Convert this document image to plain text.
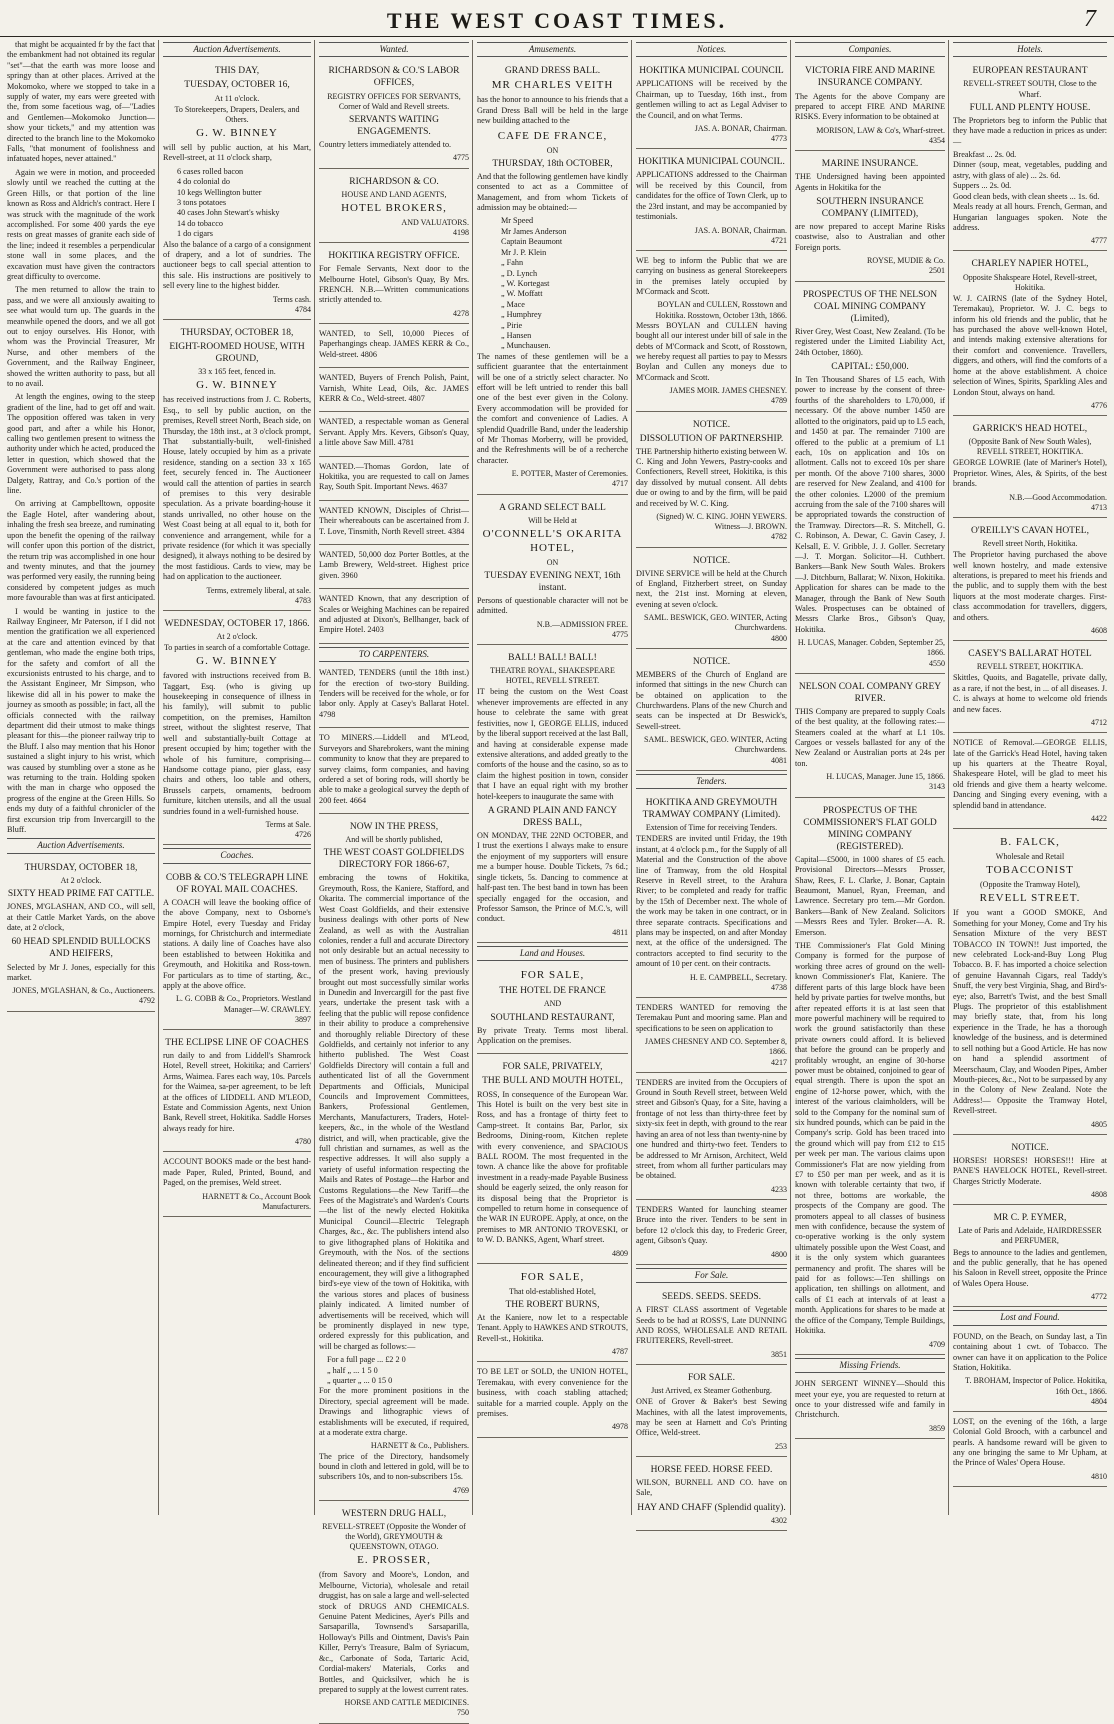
THE WEST COAST TIMES.	7

that might be acquainted fr by the fact that the embankment had not obtained its regular "set"—that the earth was more loose and springy than at other places. Arrived at the Mokomoko, where we stopped to take in a supply of water, my ears were greeted with the, from some facetious wag, of—"Ladies and Gentlemen—Mokomoko Junction—show your tickets," and my attention was directed to the branch line to the Mokomoko Falls, "that monument of foolishness and infatuated hopes, never attained."

Again we were in motion, and proceeded slowly until we reached the cutting at the Green Hills, or that portion of the line known as Ross and Aldrich's contract. Here I was struck with the magnitude of the work accomplished. For some 400 yards the eye rests on great masses of granite each side of the line; indeed it resembles a perpendicular stone wall in some places, and the excavation must have given the contractors great difficulty to overcome.

The men returned to allow the train to pass, and we were all anxiously awaiting to see what would turn up. The guards in the meanwhile opened the doors, and we all got out to enjoy ourselves. His Honor, with whom was the Provincial Treasurer, Mr Nurse, and other members of the Government, and the Railway Engineer, showed the written authority to pass, but all to no avail.

At length the engines, owing to the steep gradient of the line, had to get off and wait. The opposition offered was taken in very good part, and after a while his Honor, calling two gentlemen present to witness the authority under which he acted, produced the letter in question, which showed that the Government were authorised to pass along Dalgety, Rattray, and Co.'s portion of the line.

On arriving at Campbelltown, opposite the Eagle Hotel, after wandering about, inhaling the fresh sea breeze, and ruminating upon the benefit the opening of the railway will confer upon this portion of the district, the return trip was accomplished in one hour and twenty minutes, and that the journey was performed very easily, the running being considered by competent judges as much more favourable than was at first anticipated.

I would be wanting in justice to the Railway Engineer, Mr Paterson, if I did not mention the gratification we all experienced at the care and attention evinced by that gentleman, who made the engine both trips, for the safety and comfort of all the excursionists entrusted to his charge, and to the Assistant Engineer, Mr Simpson, who likewise did all in his power to make the journey as smooth as possible; in fact, all the officials connected with the railway department did their utmost to make things pleasant for this—the pioneer railway trip to the Bluff. I also may mention that his Honor sustained a slight injury to his wrist, which was caused by stumbling over a stone as he was returning to the train. Holding spoken with the man in charge who opposed the progress of the engine at the Green Hills. So ends my duty of a faithful chronicler of the first excursion trip from Invercargill to the Bluff.

Auction Advertisements.
THURSDAY, OCTOBER 18,
At 2 o'clock.
SIXTY HEAD PRIME FAT CATTLE.

JONES, M'GLASHAN, AND CO., will sell, at their Cattle Market Yards, on the above date, at 2 o'clock,

60 HEAD SPLENDID BULLOCKS AND HEIFERS,

Selected by Mr J. Jones, especially for this market.

JONES, M'GLASHAN, & Co., Auctioneers.
4792
Auction Advertisements.
THIS DAY,
TUESDAY, OCTOBER 16,
At 11 o'clock.
To Storekeepers, Drapers, Dealers, and Others.
G. W. BINNEY

will sell by public auction, at his Mart, Revell-street, at 11 o'clock sharp,

6 cases rolled bacon
4 do colonial do
10 kegs Wellington butter
3 tons potatoes
40 cases John Stewart's whisky
14 do tobacco
1 do cigars

Also the balance of a cargo of a consignment of drapery, and a lot of sundries. The auctioneer begs to call special attention to this sale. His instructions are positively to sell every line to the highest bidder.

Terms cash.
4784
THURSDAY, OCTOBER 18,
EIGHT-ROOMED HOUSE, WITH GROUND,
33 x 165 feet, fenced in.
G. W. BINNEY

has received instructions from J. C. Roberts, Esq., to sell by public auction, on the premises, Revell street North, Beach side, on Thursday, the 18th inst., at 3 o'clock prompt, That substantially-built, well-finished House, lately occupied by him as a private residence, standing on a section 33 x 165 feet, securely fenced in. The Auctioneer would call the attention of parties in search of premises to this very desirable speculation. As a private boarding-house it stands unrivalled, no other house on the West Coast being at all equal to it, both for convenience and arrangement, while for a private residence (for which it was specially designed), it always nothing to be desired by the most fastidious. Cards to view, may be had on application to the auctioneer.

Terms, extremely liberal, at sale.
4783
WEDNESDAY, OCTOBER 17, 1866.
At 2 o'clock.
To parties in search of a comfortable Cottage.
G. W. BINNEY

favored with instructions received from B. Taggart, Esq. (who is giving up housekeeping in consequence of illness in his family), will submit to public competition, on the premises, Hamilton street, without the slightest reserve, That well and substantially-built Cottage at present occupied by him; together with the whole of his furniture, comprising— Handsome cottage piano, pier glass, easy chairs and others, loo table and others, Brussels carpets, ornaments, bedroom furniture, kitchen utensils, and all the usual sundries found in a well-furnished house.

Terms at Sale.
4726
Coaches.
COBB & CO.'S TELEGRAPH LINE OF ROYAL MAIL COACHES.

A COACH will leave the booking office of the above Company, next to Osborne's Empire Hotel, every Tuesday and Friday mornings, for Christchurch and intermediate stations. A daily line of Coaches have also been established to between Hokitika and Greymouth, and Hokitika and Ross-town. For particulars as to time of starting, &c., apply at the above office.

L. G. COBB & Co., Proprietors. Westland Manager—W. CRAWLEY.
3897
THE ECLIPSE LINE OF COACHES

run daily to and from Liddell's Shamrock Hotel, Revell street, Hokitika; and Carriers' Arms, Waimea. Fares each way, 10s. Parcels for the Waimea, sa-per agreement, to be left at the offices of LIDDELL AND M'LEOD, Estate and Commission Agents, next Union Bank, Revell street, Hokitika. Saddle Horses always ready for hire.

4780

ACCOUNT BOOKS made or the best hand-made Paper, Ruled, Printed, Bound, and Paged, on the premises, Weld street.

HARNETT & Co., Account Book Manufacturers.
Wanted.
RICHARDSON & CO.'S LABOR OFFICES,
REGISTRY OFFICES FOR SERVANTS, Corner of Wald and Revell streets.
SERVANTS WAITING ENGAGEMENTS.

Country letters immediately attended to.

4775
RICHARDSON & CO.
HOUSE AND LAND AGENTS,
HOTEL BROKERS,
AND VALUATORS.
4198
HOKITIKA REGISTRY OFFICE.

For Female Servants, Next door to the Melbourne Hotel, Gibson's Quay, By Mrs. FRENCH. N.B.—Written communications strictly attended to.

4278

WANTED, to Sell, 10,000 Pieces of Paperhangings cheap. JAMES KERR & Co., Weld-street. 4806

WANTED, Buyers of French Polish, Paint, Varnish, White Lead, Oils, &c. JAMES KERR & Co., Weld-street. 4807

WANTED, a respectable woman as General Servant. Apply Mrs. Kevers, Gibson's Quay, a little above Saw Mill. 4781

WANTED.—Thomas Gordon, late of Hokitika, you are requested to call on James Ray, South Spit. Important News. 4637

WANTED KNOWN, Disciples of Christ—Their whereabouts can be ascertained from J. T. Love, Tinsmith, North Revell street. 4384

WANTED, 50,000 doz Porter Bottles, at the Lamb Brewery, Weld-street. Highest price given. 3960

WANTED Known, that any description of Scales or Weighing Machines can be repaired and adjusted at Dixon's, Bellhanger, back of Empire Hotel. 2403

TO CARPENTERS.

WANTED, TENDERS (until the 18th inst.) for the erection of two-story Building. Tenders will be received for the whole, or for labor only. Apply at Casey's Ballarat Hotel. 4798

TO MINERS.—Liddell and M'Leod, Surveyors and Sharebrokers, want the mining community to know that they are prepared to survey claims, form companies, and having ordered a set of boring rods, will shortly be able to make a geological survey the depth of 200 feet. 4664

NOW IN THE PRESS,
And will be shortly published,
THE WEST COAST GOLDFIELDS DIRECTORY FOR 1866-67,

embracing the towns of Hokitika, Greymouth, Ross, the Kaniere, Stafford, and Okarita. The commercial importance of the West Coast Goldfields, and their extensive business dealings with other ports of New Zealand, as well as with the Australian colonies, render a full and accurate Directory not only desirable but an actual necessity to men of business. The printers and publishers of the present work, having previously brought out most successfully similar works in Dunedin and Invercargill for the past five years, undertake the present task with a feeling that the public will repose confidence in their ability to produce a comprehensive and thoroughly reliable Directory of these Goldfields, and certainly not inferior to any hitherto published. The West Coast Goldfields Directory will contain a full and authenticated list of all the Government Departments and Officials, Municipal Councils and Improvement Committees, Bankers, Professional Gentlemen, Merchants, Manufacturers, Traders, Hotel-keepers, &c., in the whole of the Westland district, and will, when practicable, give the full christian and surnames, as well as the respective addresses. It will also supply a variety of useful information respecting the Mails and Rates of Postage—the Harbor and Customs Regulations—the New Tariff—the Fees of the Magistrate's and Warden's Courts—the list of the newly elected Hokitika Municipal Council—Electric Telegraph Charges, &c., &c. The publishers intend also to give lithographed plans of Hokitika and Greymouth, with the Nos. of the sections delineated thereon; and if they find sufficient encouragement, they will give a lithographed bird's-eye view of the town of Hokitika, with the various stores and places of business plainly indicated. A limited number of advertisements will be received, which will be prominently displayed in new type, ordered expressly for this publication, and will be charged as follows:—

For a full page ... £2 2 0
„ half „ ... 1 5 0
„ quarter „ ... 0 15 0

For the more prominent positions in the Directory, special agreement will be made. Drawings and lithographic views of establishments will be executed, if required, at a moderate extra charge.

HARNETT & Co., Publishers.

The price of the Directory, handsomely bound in cloth and lettered in gold, will be to subscribers 10s, and to non-subscribers 15s.

4769
WESTERN DRUG HALL,
REVELL-STREET (Opposite the Wonder of the World), GREYMOUTH & QUEENSTOWN, OTAGO.
E. PROSSER,

(from Savory and Moore's, London, and Melbourne, Victoria), wholesale and retail druggist, has on sale a large and well-selected stock of DRUGS AND CHEMICALS. Genuine Patent Medicines, Ayer's Pills and Sarsaparilla, Townsend's Sarsaparilla, Holloway's Pills and Ointment, Davis's Pain Killer, Perry's Treasure, Balm of Syriacum, &c., Carbonate of Soda, Tartaric Acid, Cordial-makers' Materials, Corks and Bottles, and Quicksilver, which he is prepared to supply at the lowest current rates.

HORSE AND CATTLE MEDICINES.
750
Amusements.
GRAND DRESS BALL.
MR CHARLES VEITH

has the honor to announce to his friends that a Grand Dress Ball will be held in the large new building attached to the

CAFE DE FRANCE,
ON
THURSDAY, 18th OCTOBER,

And that the following gentlemen have kindly consented to act as a Committee of Management, and from whom Tickets of admission may be obtained:—

Mr Speed
Mr James Anderson
Captain Beaumont
Mr J. P. Klein
„ Fahn
„ D. Lynch
„ W. Kortegast
„ W. Moffatt
„ Mace
„ Humphrey
„ Pirie
„ Hansen
„ Munchausen.

The names of these gentlemen will be a sufficient guarantee that the entertainment will be one of a strictly select character. No effort will be left untried to render this ball one of the best ever given in the Colony. Every accommodation will be provided for the comfort and convenience of Ladies. A splendid Quadrille Band, under the leadership of Mr Thomas Morberry, will be provided, and the Refreshments will be of a recherche character.

E. POTTER, Master of Ceremonies.
4717
A GRAND SELECT BALL
Will be Held at
O'CONNELL'S OKARITA HOTEL,
ON
TUESDAY EVENING NEXT, 16th instant.

Persons of questionable character will not be admitted.

N.B.—ADMISSION FREE.
4775
BALL! BALL! BALL!
THEATRE ROYAL, SHAKESPEARE HOTEL, REVELL STREET.

IT being the custom on the West Coast whenever improvements are effected in any house to celebrate the same with great festivities, now I, GEORGE ELLIS, induced by the liberal support received at the last Ball, and having at considerable expense made extensive alterations, and added greatly to the comforts of the house and the casino, so as to claim the highest position in town, consider that I have an equal right with my brother hotel-keepers to inaugurate the same with

A GRAND PLAIN AND FANCY DRESS BALL,

ON MONDAY, THE 22ND OCTOBER, and I trust the exertions I always make to ensure the enjoyment of my supporters will ensure me a bumper house. Double Tickets, 7s 6d.; single tickets, 5s. Dancing to commence at half-past ten. The best band in town has been specially engaged for the occasion, and Professor Samson, the Prince of M.C.'s, will conduct.

4811
Land and Houses.
FOR SALE,
THE HOTEL DE FRANCE
AND
SOUTHLAND RESTAURANT,

By private Treaty. Terms most liberal. Application on the premises.

FOR SALE, PRIVATELY,
THE BULL AND MOUTH HOTEL,

ROSS, In consequence of the European War. This Hotel is built on the very best site in Ross, and has a frontage of thirty feet to Camp-street. It contains Bar, Parlor, six Bedrooms, Dining-room, Kitchen replete with every convenience, and SPACIOUS BALL ROOM. The most frequented in the town. A chance like the above for profitable investment in a ready-made Payable Business should be eagerly seized, the only reason for its disposal being that the Proprietor is compelled to return home in consequence of the WAR IN EUROPE. Apply, at once, on the premises to MR ANTONIO TROVESKI, or to W. D. BANKS, Agent, Wharf street.

4809
FOR SALE,
That old-established Hotel,
THE ROBERT BURNS,

At the Kaniere, now let to a respectable Tenant. Apply to HAWKES AND STROUTS, Revell-st., Hokitika.

4787

TO BE LET or SOLD, the UNION HOTEL, Teremakau, with every convenience for the business, with coach stabling attached; suitable for a married couple. Apply on the premises.

4978
Notices.
HOKITIKA MUNICIPAL COUNCIL

APPLICATIONS will be received by the Chairman, up to Tuesday, 16th inst., from gentlemen willing to act as Legal Adviser to the Council, and on what Terms.

JAS. A. BONAR, Chairman.
4773
HOKITIKA MUNICIPAL COUNCIL.

APPLICATIONS addressed to the Chairman will be received by this Council, from candidates for the office of Town Clerk, up to the 23rd instant, and may be accompanied by testimonials.

JAS. A. BONAR, Chairman.
4721

WE beg to inform the Public that we are carrying on business as general Storekeepers in the premises lately occupied by M'Cormack and Scott.

BOYLAN and CULLEN, Rosstown and Hokitika. Rosstown, October 13th, 1866.

Messrs BOYLAN and CULLEN having bought all our interest under bill of sale in the debts of M'Cormack and Scott, of Rosstown, we hereby request all parties to pay to Messrs Boylan and Cullen any moneys due to M'Cormack and Scott.

JAMES MOIR. JAMES CHESNEY.
4789
NOTICE.
DISSOLUTION OF PARTNERSHIP.

THE Partnership hitherto existing between W. C. King and John Yewers, Pastry-cooks and Confectioners, Revell street, Hokitika, is this day dissolved by mutual consent. All debts due or owing to and by the firm, will be paid and received by W. C. King.

(Signed) W. C. KING. JOHN YEWERS. Witness—J. BROWN.
4782
NOTICE.

DIVINE SERVICE will be held at the Church of England, Fitzherbert street, on Sunday next, the 21st inst. Morning at eleven, evening at seven o'clock.

SAML. BESWICK, GEO. WINTER, Acting Churchwardens.
4800
NOTICE.

MEMBERS of the Church of England are informed that sittings in the new Church can be obtained on application to the Churchwardens. Plans of the new Church and seats can be inspected at Dr Beswick's, Sewell-street.

SAML. BESWICK, GEO. WINTER, Acting Churchwardens.
4081
Tenders.
HOKITIKA AND GREYMOUTH TRAMWAY COMPANY (Limited).
Extension of Time for receiving Tenders.

TENDERS are invited until Friday, the 19th instant, at 4 o'clock p.m., for the Supply of all Material and the Construction of the above line of Tramway, from the old Hospital Reserve in Revell street, to the Arahura River; to be completed and ready for traffic by the 15th of December next. The whole of the work may be taken in one contract, or in three separate contracts. Specifications and plans may be inspected, on and after Monday next, at the office of the undersigned. The contractors accepted to find security to the amount of 10 per cent. on their contracts.

H. E. CAMPBELL, Secretary.
4738

TENDERS WANTED for removing the Teremakau Punt and mooring same. Plan and specifications to be seen on application to

JAMES CHESNEY AND CO. September 8, 1866.
4217

TENDERS are invited from the Occupiers of Ground in South Revell street, between Weld street and Gibson's Quay, for a Site, having a frontage of not less than thirty-three feet by sixty-six feet in depth, with ground to the rear having an area of not less than twenty-nine by one hundred and thirty-two feet. Tenders to be addressed to Mr Arnison, Architect, Weld street, from whom all further particulars may be obtained.

4233

TENDERS Wanted for launching steamer Bruce into the river. Tenders to be sent in before 12 o'clock this day, to Frederic Greer, agent, Gibson's Quay.

4800
For Sale.
SEEDS. SEEDS. SEEDS.

A FIRST CLASS assortment of Vegetable Seeds to be had at ROSS'S, Late DUNNING AND ROSS, WHOLESALE AND RETAIL FRUITERERS, Revell-street.

3851
FOR SALE.
Just Arrived, ex Steamer Gothenburg.

ONE of Grover & Baker's best Sewing Machines, with all the latest improvements, may be seen at Harnett and Co's Printing Office, Weld-street.

253
HORSE FEED. HORSE FEED.

WILSON, BURNELL AND CO. have on Sale,

HAY AND CHAFF (Splendid quality).
4302
Companies.
VICTORIA FIRE AND MARINE INSURANCE COMPANY.

The Agents for the above Company are prepared to accept FIRE AND MARINE RISKS. Every information to be obtained at

MORISON, LAW & Co's, Wharf-street.
4354
MARINE INSURANCE.

THE Undersigned having been appointed Agents in Hokitika for the

SOUTHERN INSURANCE COMPANY (LIMITED),

are now prepared to accept Marine Risks coastwise, also to Australian and other Foreign ports.

ROYSE, MUDIE & Co.
2501
PROSPECTUS OF THE NELSON COAL MINING COMPANY (Limited),

River Grey, West Coast, New Zealand. (To be registered under the Limited Liability Act, 24th October, 1860).

CAPITAL: £50,000.

In Ten Thousand Shares of L5 each, With power to increase by the consent of three-fourths of the shareholders to L70,000, if necessary. Of the above number 1450 are allotted to the originators, paid up to L5 each, and 1450 at par. The remainder 7100 are offered to the public at a premium of L1 each, 10s on application and 10s on allotment. Calls not to exceed 10s per share per month. Of the above 7100 shares, 3000 are reserved for New Zealand, and 4100 for the other colonies. L2000 of the premium accruing from the sale of the 7100 shares will be appropriated towards the construction of the Tramway. Directors—R. S. Mitchell, G. C. Robinson, A. Dewar, C. Gavin Casey, J. Kelsall, E. V. Gribble, J. J. Goller. Secretary—J. T. Morgan. Solicitor—H. Cuthbert. Bankers—Bank New South Wales. Brokers—J. Ditchburn, Ballarat; W. Nixon, Hokitika. Application for shares can be made to the Manager, through the Bank of New South Wales. Prospectuses can be obtained of Messrs Clarke Bros., Gibson's Quay, Hokitika.

H. LUCAS, Manager. Cobden, September 25, 1866.
4550
NELSON COAL COMPANY GREY RIVER.

THIS Company are prepared to supply Coals of the best quality, at the following rates:— Steamers coaled at the wharf at L1 10s. Cargoes or vessels ballasted for any of the New Zealand or Australian ports at 24s per ton.

H. LUCAS, Manager. June 15, 1866.
3143
PROSPECTUS OF THE COMMISSIONER'S FLAT GOLD MINING COMPANY (REGISTERED).

Capital—£5000, in 1000 shares of £5 each. Provisional Directors—Messrs Prosser, Shaw, Rees, F. L. Clarke, J. Bonar, Captain Beaumont, Manuel, Ryan, Freeman, and Lawrence. Secretary pro tem.—Mr Gordon. Bankers—Bank of New Zealand. Solicitors—Messrs Rees and Tyler. Broker—A. R. Emerson.

THE Commissioner's Flat Gold Mining Company is formed for the purpose of working three acres of ground on the well-known Commissioner's Flat, Kaniere. The different parts of this large block have been held by private parties for twelve months, but after repeated efforts it is at last seen that more powerful machinery will be required to work the ground satisfactorily than these private owners could afford. It is believed that before the ground can be properly and profitably wrought, an engine of 30-horse power must be obtained, conjoined to gear of equal strength. There is upon the spot an engine of 12-horse power, which, with the interest of the various claimholders, will be sold to the Company for the nominal sum of six hundred pounds, which can be paid in the Company's scrip. Gold has been traced into the ground which will pay from £12 to £15 per week per man. The various claims upon Commissioner's Flat are now yielding from £7 to £50 per man per week, and as it is known with tolerable certainty that two, if not three, bottoms are workable, the prospects of the Company are good. The promoters appeal to all classes of business men with confidence, because the system of co-operative working is the only system ultimately possible upon the West Coast, and it is the only system which guarantees permanency and profit. The shares will be paid for as follows:—Ten shillings on application, ten shillings on allotment, and calls of £1 each at intervals of at least a month. Applications for shares to be made at the office of the Company, Temple Buildings, Hokitika.

4709
Missing Friends.

JOHN SERGENT WINNEY—Should this meet your eye, you are requested to return at once to your distressed wife and family in Christchurch.

3859
Hotels.
EUROPEAN RESTAURANT
REVELL-STREET SOUTH, Close to the Wharf.
FULL AND PLENTY HOUSE.

The Proprietors beg to inform the Public that they have made a reduction in prices as under:—

Breakfast ... 2s. 0d.
Dinner (soup, meat, vegetables, pudding and astry, with glass of ale) ... 2s. 6d.
Suppers ... 2s. 0d.
Good clean beds, with clean sheets ... 1s. 6d.

Meals ready at all hours. French, German, and Hungarian languages spoken. Note the address.

4777
CHARLEY NAPIER HOTEL,
Opposite Shakspeare Hotel, Revell-street, Hokitika.

W. J. CAIRNS (late of the Sydney Hotel, Teremakau), Proprietor. W. J. C. begs to inform his old friends and the public, that he has purchased the above well-known Hotel, and intends making extensive alterations for their comfort and convenience. Travellers, diggers, and others, will find the comforts of a home at the above establishment. A choice selection of Wines, Spirits, Sparkling Ales and London Stout, always on hand.

4776
GARRICK'S HEAD HOTEL,
(Opposite Bank of New South Wales), REVELL STREET, HOKITIKA.

GEORGE LOWRIE (late of Mariner's Hotel), Proprietor. Wines, Ales, & Spirits, of the best brands.

N.B.—Good Accommodation.
4713
O'REILLY'S CAVAN HOTEL,
Revell street North, Hokitika.

The Proprietor having purchased the above well known hostelry, and made extensive alterations, is prepared to meet his friends and the public, and to supply them with the best liquors at the most moderate charges. First-class accommodation for travellers, diggers, and others.

4608
CASEY'S BALLARAT HOTEL
REVELL STREET, HOKITIKA.

Skittles, Quoits, and Bagatelle, private dally, as a rare, if not the best, in ... of all diseases. J. C. is always at home to welcome old friends and new faces.

4712

NOTICE of Removal.—GEORGE ELLIS, late of the Garrick's Head Hotel, having taken up his quarters at the Theatre Royal, Shakespeare Hotel, will be glad to meet his old friends and give them a hearty welcome. Dancing and Singing every evening, with a splendid band in attendance.

4422
B. FALCK,
Wholesale and Retail
TOBACCONIST
(Opposite the Tramway Hotel),
REVELL STREET.

If you want a GOOD SMOKE, And Something for your Money, Come and Try his Sensation Mixture of the very BEST TOBACCO IN TOWN!! Just imported, the new celebrated Lock-and-Buy Long Plug Tobacco. B. F. has imported a choice selection of genuine Havannah Cigars, real Taddy's Snuff, the very best Virginia, Shag, and Bird's-eye; also, Barrett's Twist, and the best Small Plugs. The proprietor of this establishment may briefly state, that, from his long experience in the Trade, he has a thorough knowledge of the business, and is determined to sell nothing but a Good Article. He has now on hand a splendid assortment of Meerschaum, Clay, and Wooden Pipes, Amber Mouth-pieces, &c., Not to be surpassed by any in the Colony of New Zealand. Note the Address!— Opposite the Tramway Hotel, Revell-street.

4805
NOTICE.

HORSES! HORSES! HORSES!!! Hire at PANE'S HAVELOCK HOTEL, Revell-street. Charges Strictly Moderate.

4808
MR C. P. EYMER,
Late of Paris and Adelaide, HAIRDRESSER and PERFUMER,

Begs to announce to the ladies and gentlemen, and the public generally, that he has opened his Saloon in Revell street, opposite the Prince of Wales Opera House.

4772
Lost and Found.

FOUND, on the Beach, on Sunday last, a Tin containing about 1 cwt. of Tobacco. The owner can have it on application to the Police Station, Hokitika.

T. BROHAM, Inspector of Police. Hokitika, 16th Oct., 1866.
4804

LOST, on the evening of the 16th, a large Colonial Gold Brooch, with a carbuncel and pearls. A handsome reward will be given to any one bringing the same to Mr Upham, at the Prince of Wales' Opera House.

4810
